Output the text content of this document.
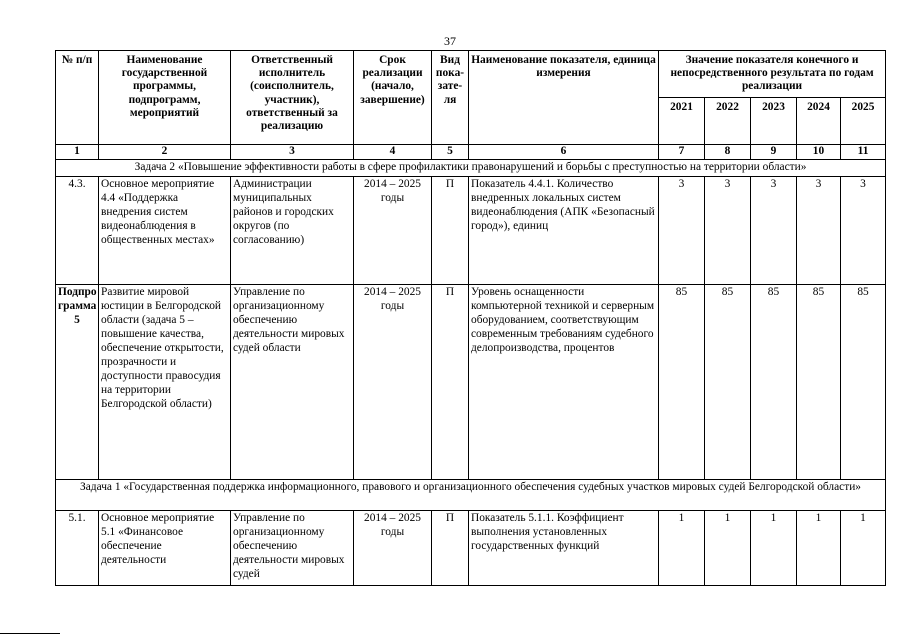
37
№ п/п	Наименование государственной программы, подпрограмм, мероприятий	Ответственный исполнитель (соисполнитель, участник), ответственный за реализацию	Срок реализации (начало, завершение)	Вид пока-зате-ля	Наименование показателя, единица измерения	Значение показателя конечного и непосредственного результата по годам реализации				
						2021	2022	2023	2024	2025
1	2	3	4	5	6	7	8	9	10	11
Задача 2 «Повышение эффективности работы в сфере профилактики правонарушений и борьбы с преступностью на территории области»										
4.3.	Основное мероприятие 4.4 «Поддержка внедрения систем видеонаблюдения в общественных местах»	Администрации муниципальных районов и городских округов (по согласованию)	2014 – 2025 годы	П	Показатель 4.4.1. Количество внедренных локальных систем видеонаблюдения (АПК «Безопасный город»), единиц	3	3	3	3	3
Подпро грамма 5	Развитие мировой юстиции в Белгородской области (задача 5 – повышение качества, обеспечение открытости, прозрачности и доступности правосудия на территории Белгородской области)	Управление по организационному обеспечению деятельности мировых судей области	2014 – 2025 годы	П	Уровень оснащенности компьютерной техникой и серверным оборудованием, соответствующим современным требованиям судебного делопроизводства, процентов	85	85	85	85	85
Задача 1 «Государственная поддержка информационного, правового и организационного обеспечения судебных участков мировых судей Белгородской области»										
5.1.	Основное мероприятие 5.1 «Финансовое обеспечение деятельности	Управление по организационному обеспечению деятельности мировых судей	2014 – 2025 годы	П	Показатель 5.1.1. Коэффициент выполнения установленных государственных функций	1	1	1	1	1
